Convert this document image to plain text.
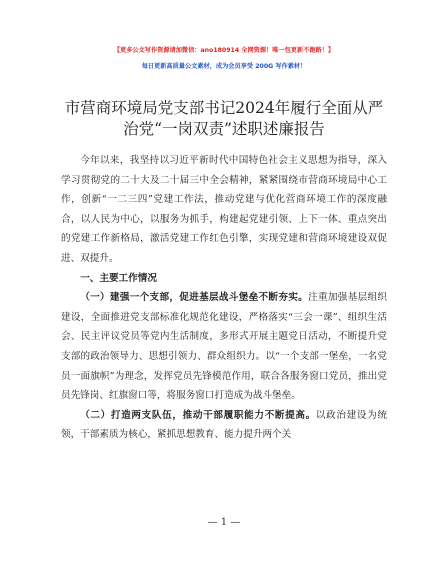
【更多公文写作资源请加微信：ano180914 全网资源！唯一包更新不跑路！】
每日更新高质量公文素材，成为会员享受 200G 写作素材！
市营商环境局党支部书记2024年履行全面从严
治党“一岗双责”述职述廉报告

今年以来，我坚持以习近平新时代中国特色社会主义思想为指导，深入学习贯彻党的二十大及二十届三中全会精神，紧紧围绕市营商环境局中心工作，创新“一二三四”党建工作法，推动党建与优化营商环境工作的深度融合，以人民为中心，以服务为抓手，构建起党建引领、上下一体、重点突出的党建工作新格局，激活党建工作红色引擎，实现党建和营商环境建设双促进、双提升。

一、主要工作情况

（一）建强一个支部，促进基层战斗堡垒不断夯实。注重加强基层组织建设，全面推进党支部标准化规范化建设，严格落实“三会一课”、组织生活会、民主评议党员等党内生活制度，多形式开展主题党日活动，不断提升党支部的政治领导力、思想引领力、群众组织力。以“一个支部一堡垒，一名党员一面旗帜”为理念，发挥党员先锋模范作用，联合各服务窗口党员，推出党员先锋岗、红旗窗口等，将服务窗口打造成为战斗堡垒。

（二）打造两支队伍，推动干部履职能力不断提高。以政治建设为统领，干部素质为核心，紧抓思想教育、能力提升两个关

— 1 —
